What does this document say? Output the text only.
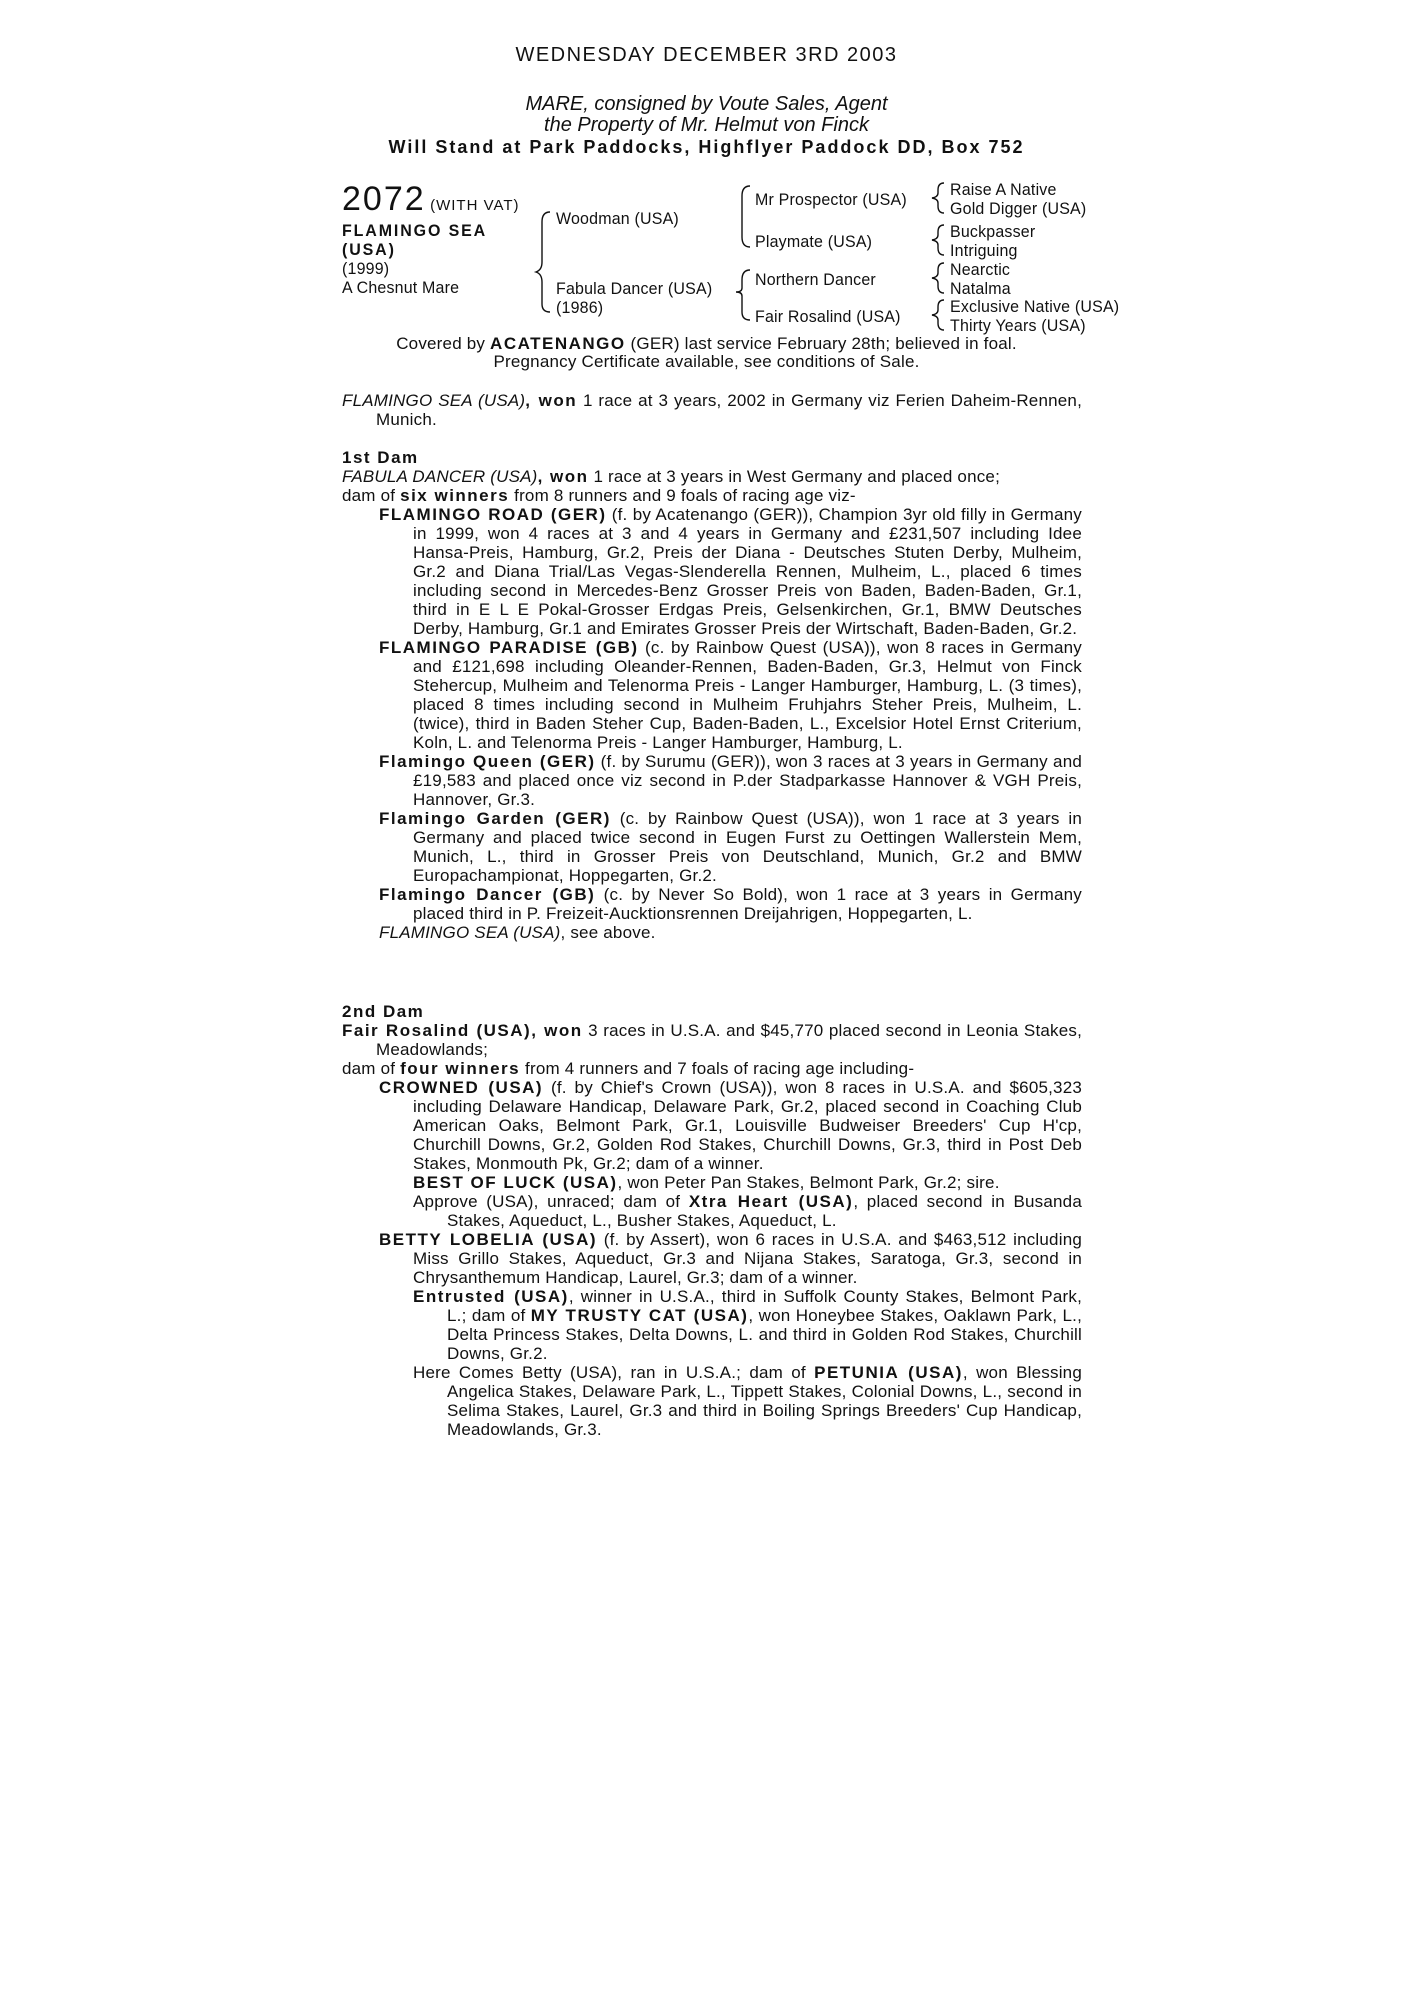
WEDNESDAY DECEMBER 3RD 2003
MARE, consigned by Voute Sales, Agent
the Property of Mr. Helmut von Finck
Will Stand at Park Paddocks, Highflyer Paddock DD, Box 752
2072 (WITH VAT)
FLAMINGO SEA
(USA)
(1999)
A Chesnut Mare
Woodman (USA)
Fabula Dancer (USA)
(1986)
Mr Prospector (USA)
Playmate (USA)
Northern Dancer
Fair Rosalind (USA)
Raise A Native
Gold Digger (USA)
Buckpasser
Intriguing
Nearctic
Natalma
Exclusive Native (USA)
Thirty Years (USA)
Covered by ACATENANGO (GER) last service February 28th; believed in foal.
Pregnancy Certificate available, see conditions of Sale.

FLAMINGO SEA (USA), won 1 race at 3 years, 2002 in Germany viz Ferien Daheim-Rennen, Munich.

1st Dam

FABULA DANCER (USA), won 1 race at 3 years in West Germany and placed once;

dam of six winners from 8 runners and 9 foals of racing age viz-

FLAMINGO ROAD (GER) (f. by Acatenango (GER)), Champion 3yr old filly in Germany in 1999, won 4 races at 3 and 4 years in Germany and £231,507 including Idee Hansa-Preis, Hamburg, Gr.2, Preis der Diana - Deutsches Stuten Derby, Mulheim, Gr.2 and Diana Trial/Las Vegas-Slenderella Rennen, Mulheim, L., placed 6 times including second in Mercedes-Benz Grosser Preis von Baden, Baden-Baden, Gr.1, third in E L E Pokal-Grosser Erdgas Preis, Gelsenkirchen, Gr.1, BMW Deutsches Derby, Hamburg, Gr.1 and Emirates Grosser Preis der Wirtschaft, Baden-Baden, Gr.2.

FLAMINGO PARADISE (GB) (c. by Rainbow Quest (USA)), won 8 races in Germany and £121,698 including Oleander-Rennen, Baden-Baden, Gr.3, Helmut von Finck Stehercup, Mulheim and Telenorma Preis - Langer Hamburger, Hamburg, L. (3 times), placed 8 times including second in Mulheim Fruhjahrs Steher Preis, Mulheim, L. (twice), third in Baden Steher Cup, Baden-Baden, L., Excelsior Hotel Ernst Criterium, Koln, L. and Telenorma Preis - Langer Hamburger, Hamburg, L.

Flamingo Queen (GER) (f. by Surumu (GER)), won 3 races at 3 years in Germany and £19,583 and placed once viz second in P.der Stadparkasse Hannover & VGH Preis, Hannover, Gr.3.

Flamingo Garden (GER) (c. by Rainbow Quest (USA)), won 1 race at 3 years in Germany and placed twice second in Eugen Furst zu Oettingen Wallerstein Mem, Munich, L., third in Grosser Preis von Deutschland, Munich, Gr.2 and BMW Europachampionat, Hoppegarten, Gr.2.

Flamingo Dancer (GB) (c. by Never So Bold), won 1 race at 3 years in Germany placed third in P. Freizeit-Aucktionsrennen Dreijahrigen, Hoppegarten, L.

FLAMINGO SEA (USA), see above.

2nd Dam

Fair Rosalind (USA), won 3 races in U.S.A. and $45,770 placed second in Leonia Stakes, Meadowlands;

dam of four winners from 4 runners and 7 foals of racing age including-

CROWNED (USA) (f. by Chief's Crown (USA)), won 8 races in U.S.A. and $605,323 including Delaware Handicap, Delaware Park, Gr.2, placed second in Coaching Club American Oaks, Belmont Park, Gr.1, Louisville Budweiser Breeders' Cup H'cp, Churchill Downs, Gr.2, Golden Rod Stakes, Churchill Downs, Gr.3, third in Post Deb Stakes, Monmouth Pk, Gr.2; dam of a winner.

BEST OF LUCK (USA), won Peter Pan Stakes, Belmont Park, Gr.2; sire.

Approve (USA), unraced; dam of Xtra Heart (USA), placed second in Busanda Stakes, Aqueduct, L., Busher Stakes, Aqueduct, L.

BETTY LOBELIA (USA) (f. by Assert), won 6 races in U.S.A. and $463,512 including Miss Grillo Stakes, Aqueduct, Gr.3 and Nijana Stakes, Saratoga, Gr.3, second in Chrysanthemum Handicap, Laurel, Gr.3; dam of a winner.

Entrusted (USA), winner in U.S.A., third in Suffolk County Stakes, Belmont Park, L.; dam of MY TRUSTY CAT (USA), won Honeybee Stakes, Oaklawn Park, L., Delta Princess Stakes, Delta Downs, L. and third in Golden Rod Stakes, Churchill Downs, Gr.2.

Here Comes Betty (USA), ran in U.S.A.; dam of PETUNIA (USA), won Blessing Angelica Stakes, Delaware Park, L., Tippett Stakes, Colonial Downs, L., second in Selima Stakes, Laurel, Gr.3 and third in Boiling Springs Breeders' Cup Handicap, Meadowlands, Gr.3.
